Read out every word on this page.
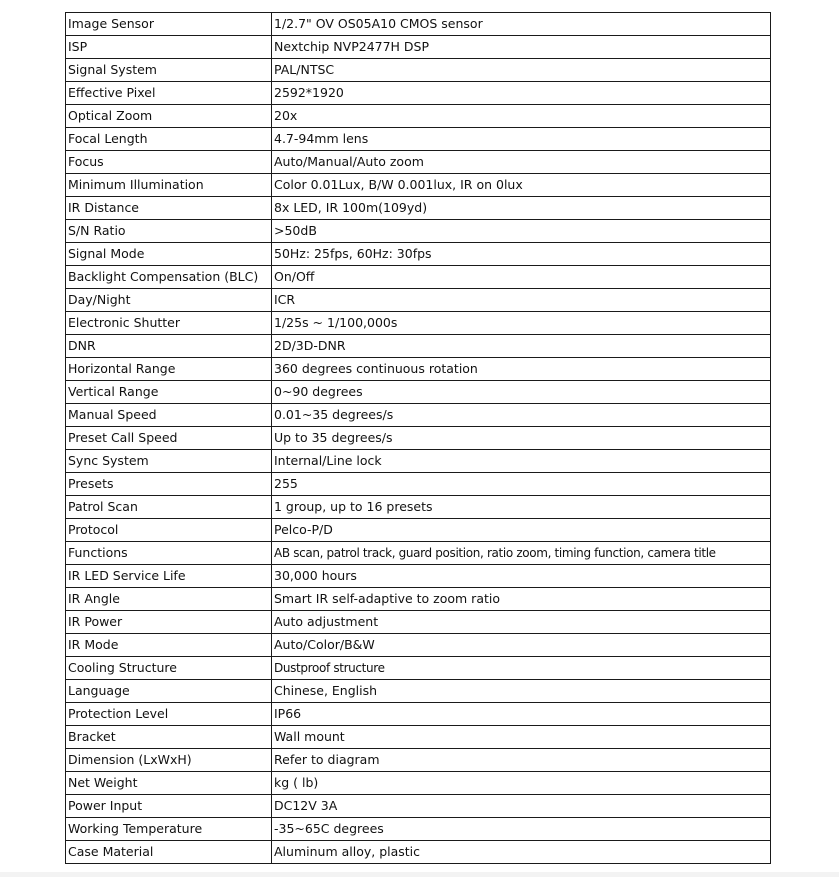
Image Sensor	1/2.7" OV OS05A10 CMOS sensor
ISP	Nextchip NVP2477H DSP
Signal System	PAL/NTSC
Effective Pixel	2592*1920
Optical Zoom	20x
Focal Length	4.7-94mm lens
Focus	Auto/Manual/Auto zoom
Minimum Illumination	Color 0.01Lux, B/W 0.001lux, IR on 0lux
IR Distance	8x LED, IR 100m(109yd)
S/N Ratio	>50dB
Signal Mode	50Hz: 25fps, 60Hz: 30fps
Backlight Compensation (BLC)	On/Off
Day/Night	ICR
Electronic Shutter	1/25s ~ 1/100,000s
DNR	2D/3D-DNR
Horizontal Range	360 degrees continuous rotation
Vertical Range	0~90 degrees
Manual Speed	0.01~35 degrees/s
Preset Call Speed	Up to 35 degrees/s
Sync System	Internal/Line lock
Presets	255
Patrol Scan	1 group, up to 16 presets
Protocol	Pelco-P/D
Functions	AB scan, patrol track, guard position, ratio zoom, timing function, camera title
IR LED Service Life	30,000 hours
IR Angle	Smart IR self-adaptive to zoom ratio
IR Power	Auto adjustment
IR Mode	Auto/Color/B&W
Cooling Structure	Dustproof structure
Language	Chinese, English
Protection Level	IP66
Bracket	Wall mount
Dimension (LxWxH)	Refer to diagram
Net Weight	kg ( lb)
Power Input	DC12V 3A
Working Temperature	-35~65C degrees
Case Material	Aluminum alloy, plastic
